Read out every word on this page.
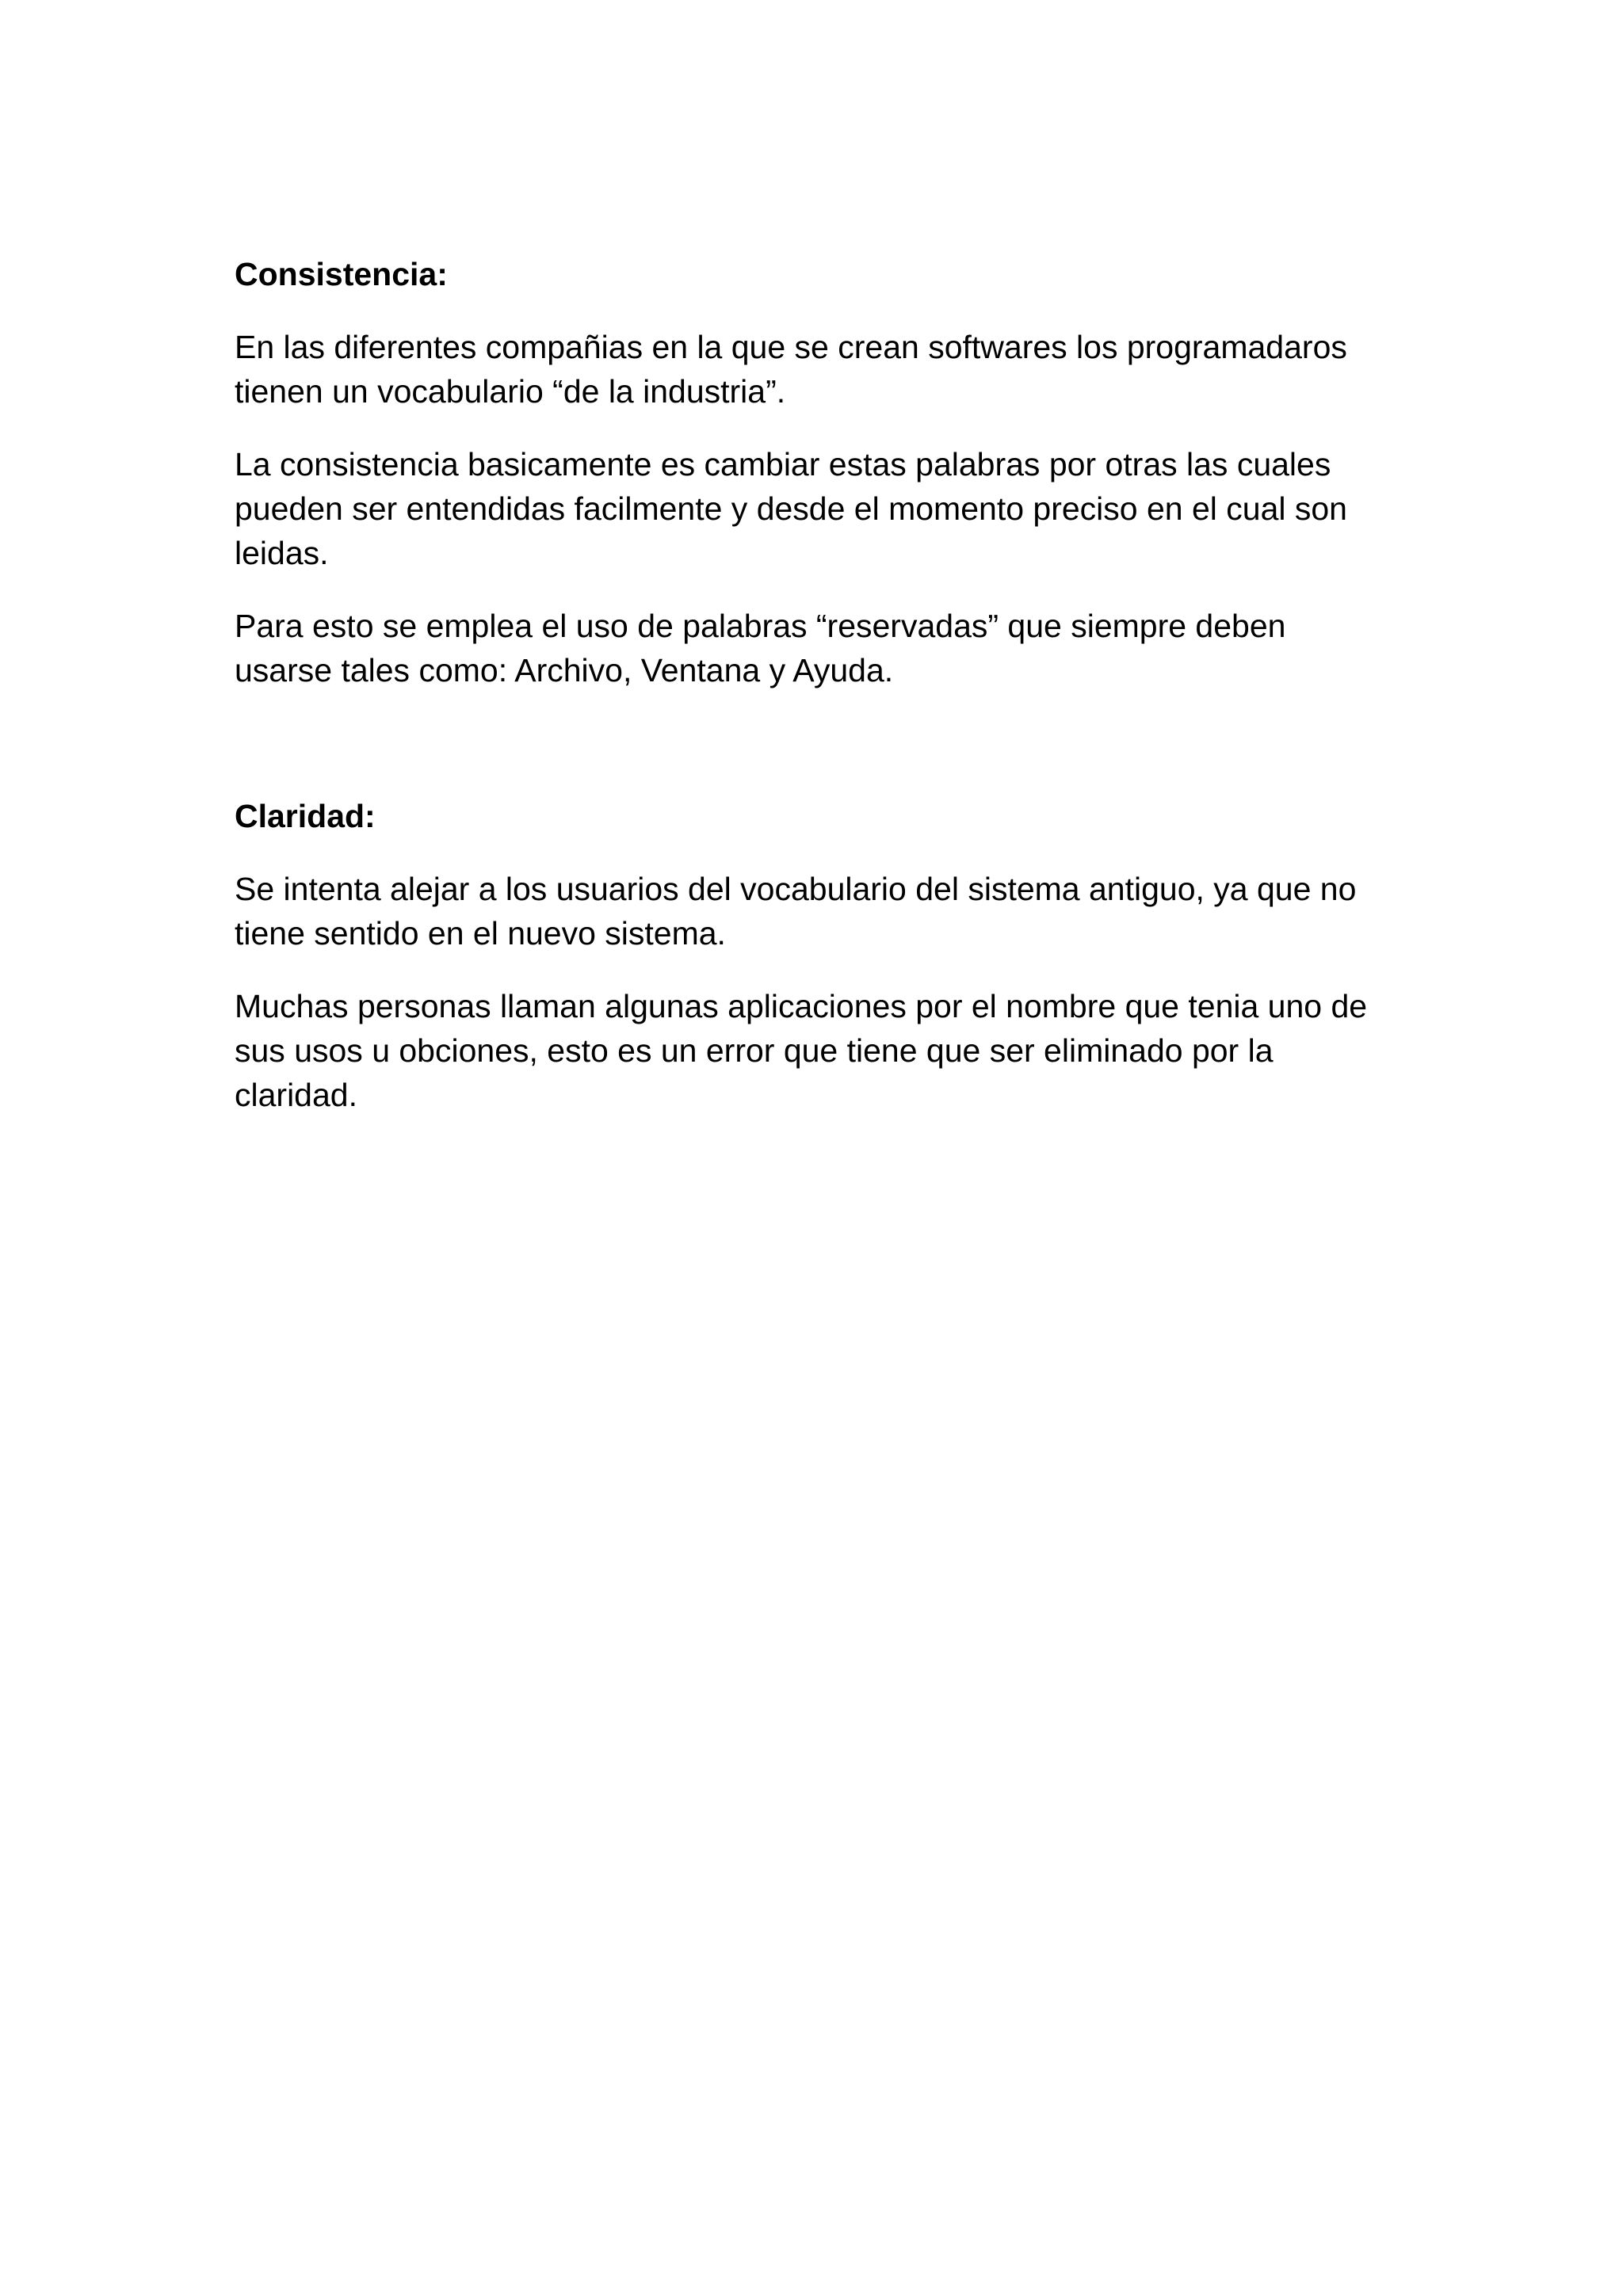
Consistencia:

En las diferentes compañias en la que se crean softwares los programadaros tienen un vocabulario “de la industria”.

La consistencia basicamente es cambiar estas palabras por otras las cuales pueden ser entendidas facilmente y desde el momento preciso en el cual son leidas.

Para esto se emplea el uso de palabras “reservadas” que siempre deben usarse tales como: Archivo, Ventana y Ayuda.

Claridad:

Se intenta alejar a los usuarios del vocabulario del sistema antiguo, ya que no tiene sentido en el nuevo sistema.

Muchas personas llaman algunas aplicaciones por el nombre que tenia uno de sus usos u obciones, esto es un error que tiene que ser eliminado por la claridad.
